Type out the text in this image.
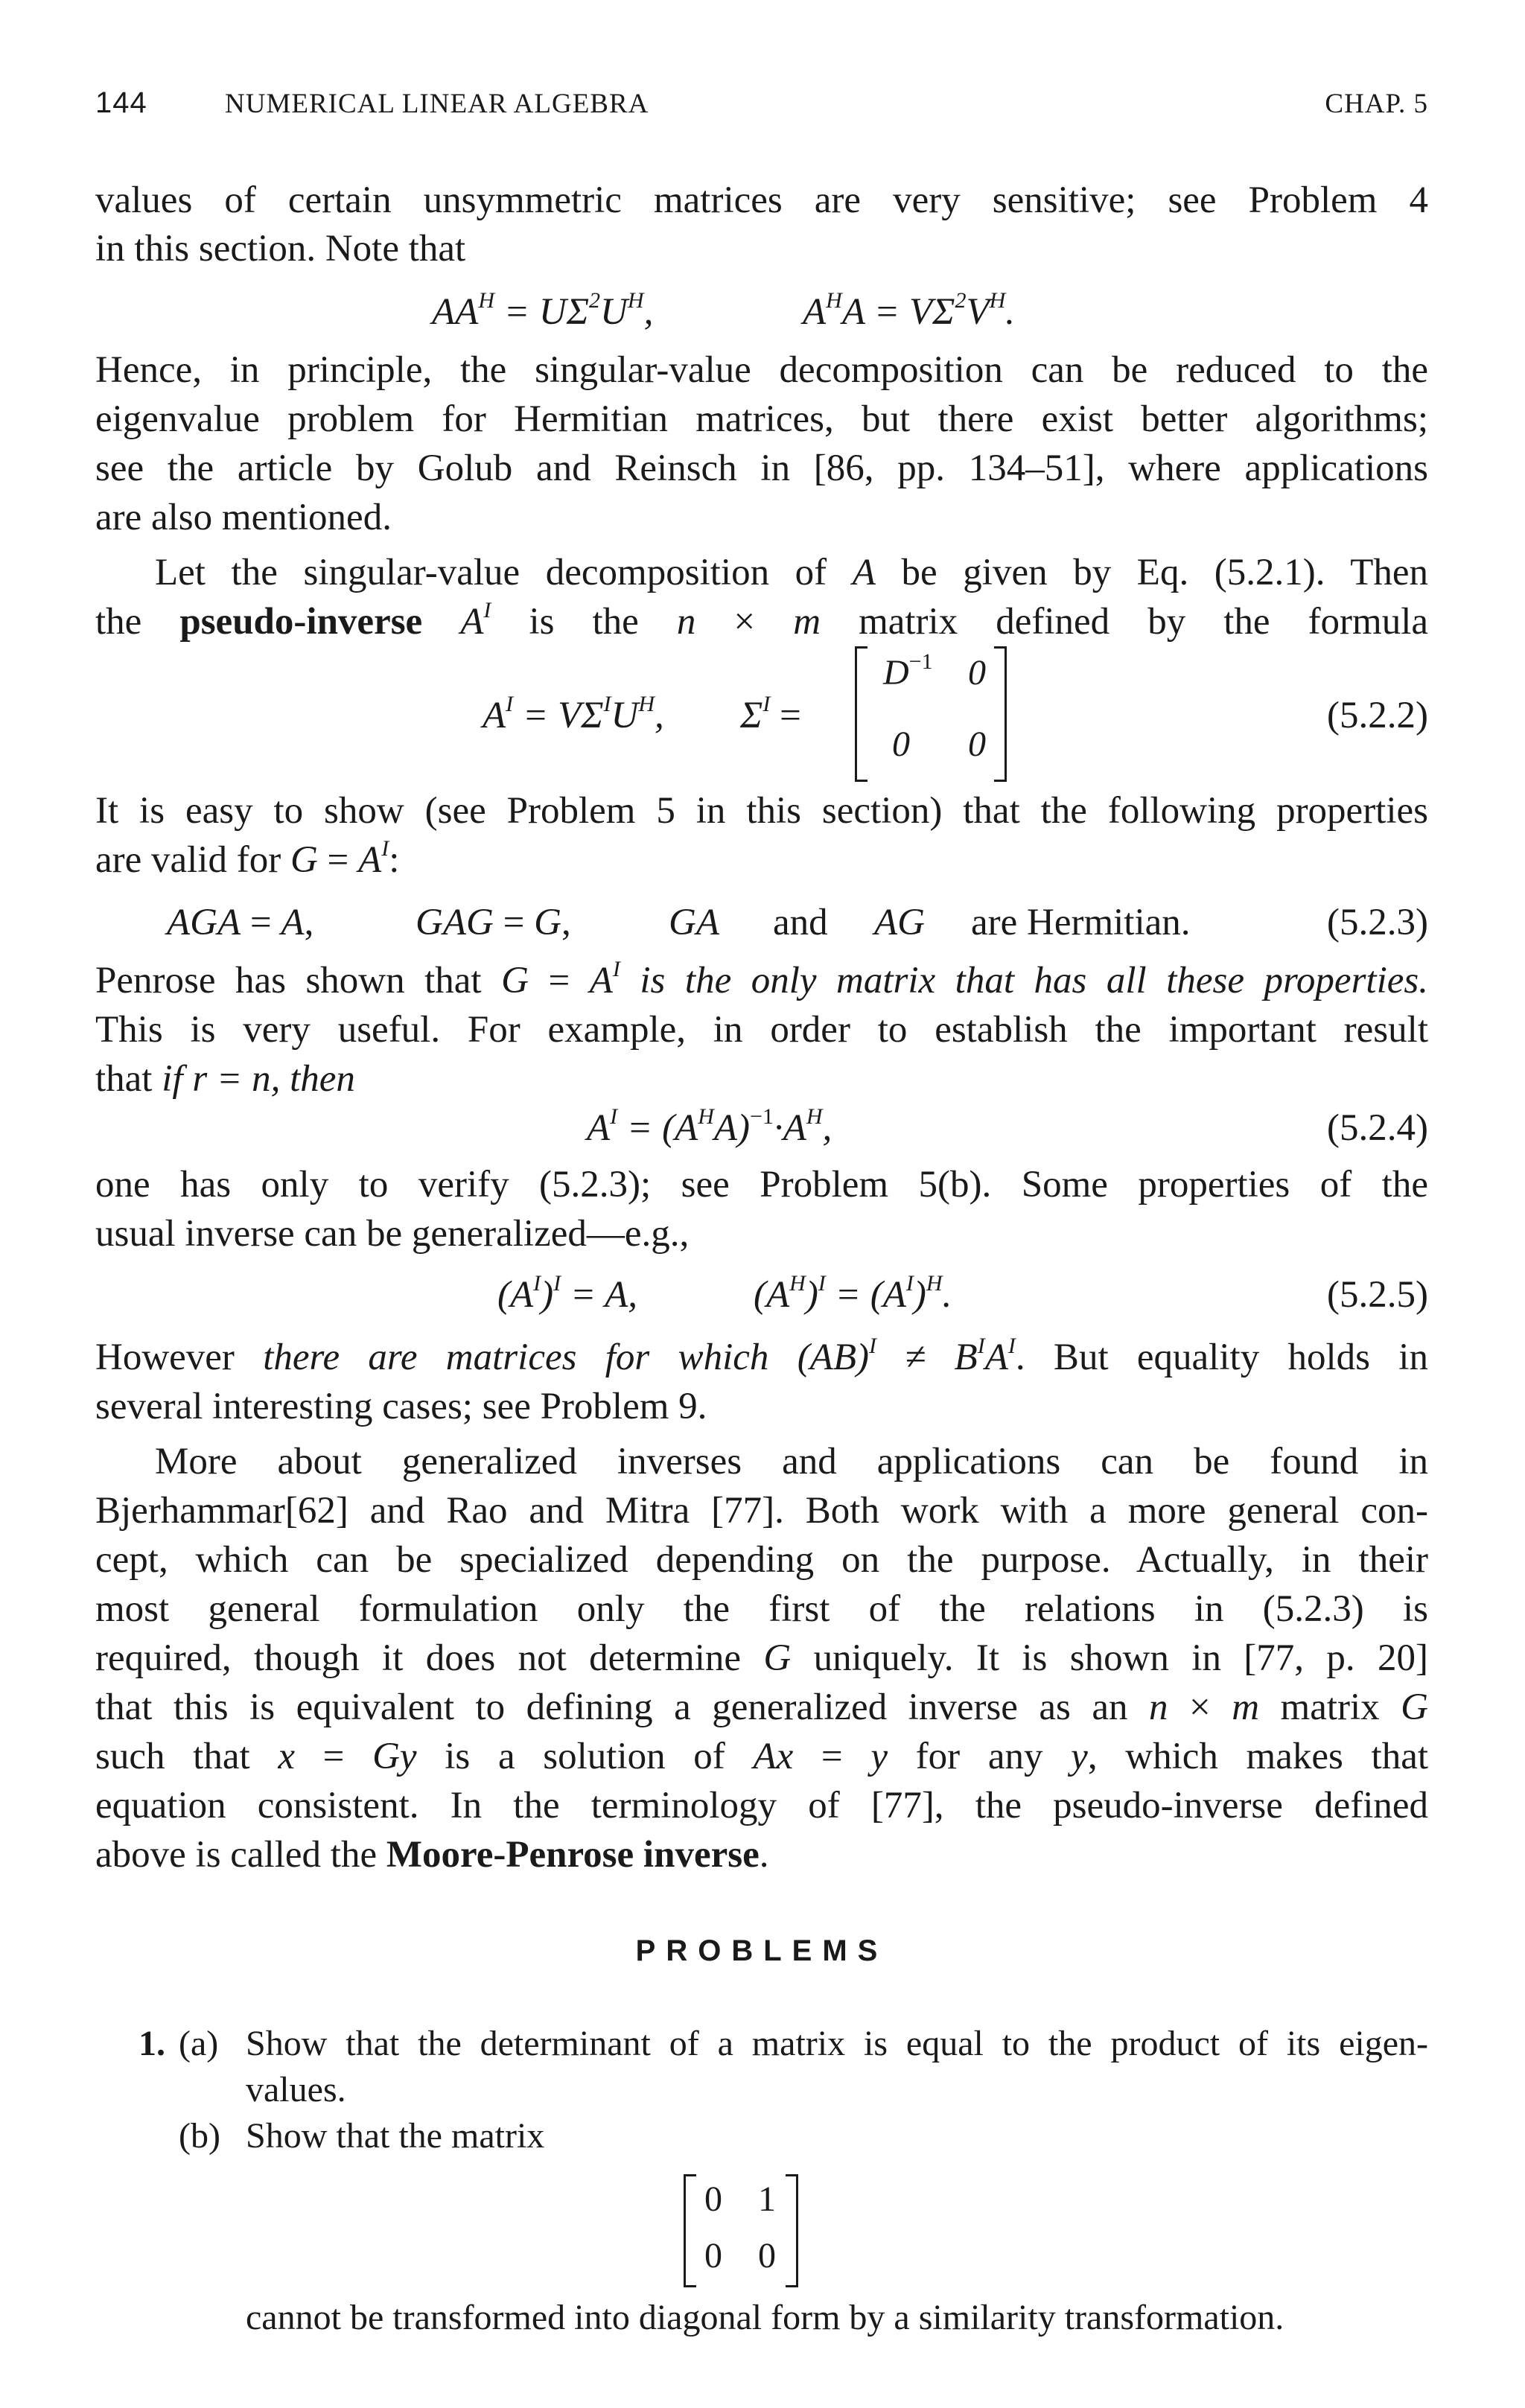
144	NUMERICAL LINEAR ALGEBRA	CHAP. 5
values of certain unsymmetric matrices are very sensitive; see Problem 4
in this section. Note that
$AA^H = U\Sigma^2U^H$,	$A^HA = V\Sigma^2V^H$.
Hence, in principle, the singular-value decomposition can be reduced to the
eigenvalue problem for Hermitian matrices, but there exist better algorithms;
see the article by Golub and Reinsch in [86, pp. 134–51], where applications
are also mentioned.
Let the singular-value decomposition of A be given by Eq. (5.2.1). Then
the pseudo-inverse $A^I$ is the n × m matrix defined by the formula
$A^I = V\Sigma^IU^H$, $\Sigma^I$ =
$D^{-1}$ 0
0 0
(5.2.2)
It is easy to show (see Problem 5 in this section) that the following properties
are valid for $G = A^I$:
AGA = A,	GAG = G,	GA and AG are Hermitian.	(5.2.3)
Penrose has shown that $G = A^I$ is the only matrix that has all these properties.
This is very useful. For example, in order to establish the important result
that if r = n, then
$A^I = (A^HA)^{-1}\cdot A^H$,	(5.2.4)
one has only to verify (5.2.3); see Problem 5(b). Some properties of the
usual inverse can be generalized—e.g.,
$(A^I)^I = A$,	$(A^H)^I = (A^I)^H$.	(5.2.5)
However there are matrices for which $(AB)^I \ne B^IA^I$. But equality holds in
several interesting cases; see Problem 9.
More about generalized inverses and applications can be found in
Bjerhammar[62] and Rao and Mitra [77]. Both work with a more general con-
cept, which can be specialized depending on the purpose. Actually, in their
most general formulation only the first of the relations in (5.2.3) is
required, though it does not determine G uniquely. It is shown in [77, p. 20]
that this is equivalent to defining a generalized inverse as an n × m matrix G
such that x = Gy is a solution of Ax = y for any y, which makes that
equation consistent. In the terminology of [77], the pseudo-inverse defined
above is called the Moore-Penrose inverse.
PROBLEMS
1. (a) Show that the determinant of a matrix is equal to the product of its eigen-
values.
(b) Show that the matrix
0 1
0 0
cannot be transformed into diagonal form by a similarity transformation.
